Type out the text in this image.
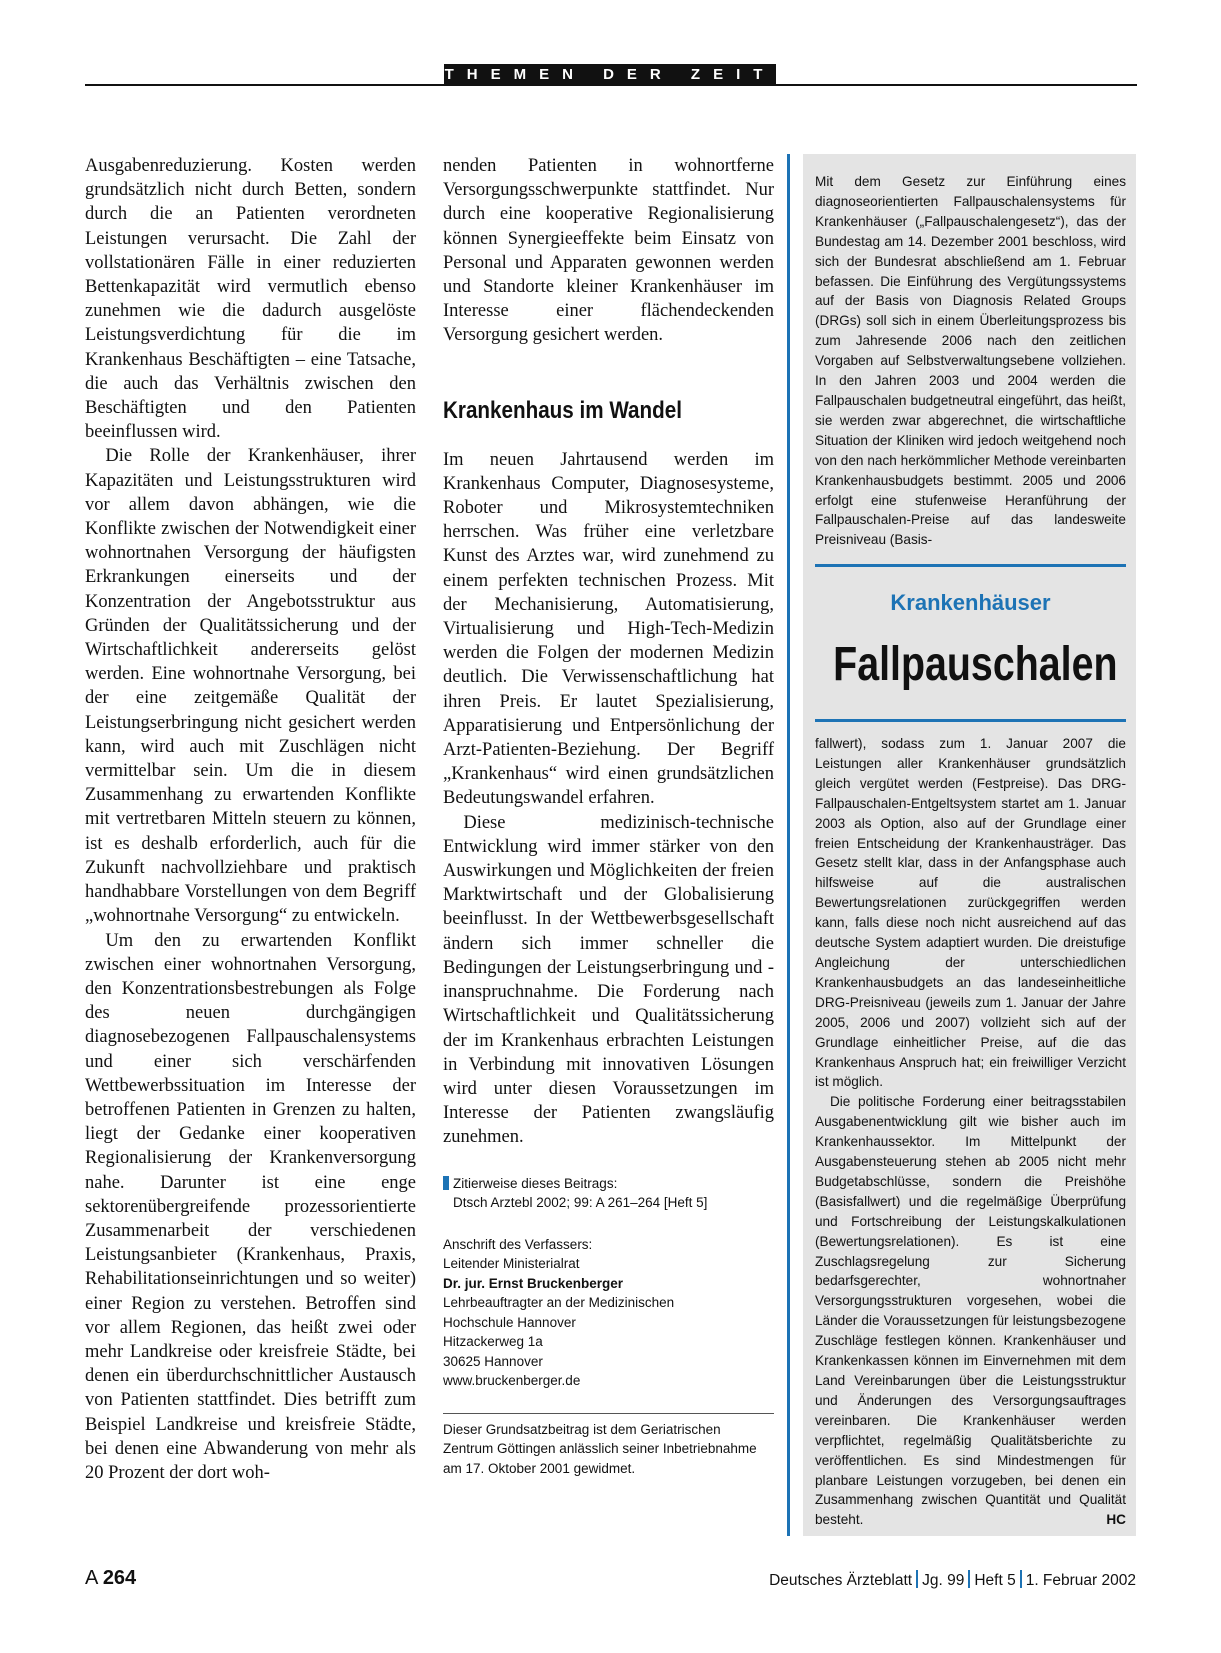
THEMEN DER ZEIT

Ausgabenreduzierung. Kosten werden grundsätzlich nicht durch Betten, sondern durch die an Patienten verordneten Leistungen verursacht. Die Zahl der vollstationären Fälle in einer reduzierten Bettenkapazität wird vermutlich ebenso zunehmen wie die dadurch ausgelöste Leistungsverdichtung für die im Krankenhaus Beschäftigten – eine Tatsache, die auch das Verhältnis zwischen den Beschäftigten und den Patienten beeinflussen wird.

Die Rolle der Krankenhäuser, ihrer Kapazitäten und Leistungsstrukturen wird vor allem davon abhängen, wie die Konflikte zwischen der Notwendigkeit einer wohnortnahen Versorgung der häufigsten Erkrankungen einerseits und der Konzentration der Angebotsstruktur aus Gründen der Qualitätssicherung und der Wirtschaftlichkeit andererseits gelöst werden. Eine wohnortnahe Versorgung, bei der eine zeitgemäße Qualität der Leistungserbringung nicht gesichert werden kann, wird auch mit Zuschlägen nicht vermittelbar sein. Um die in diesem Zusammenhang zu erwartenden Konflikte mit vertretbaren Mitteln steuern zu können, ist es deshalb erforderlich, auch für die Zukunft nachvollziehbare und praktisch handhabbare Vorstellungen von dem Begriff „wohnortnahe Versorgung“ zu entwickeln.

Um den zu erwartenden Konflikt zwischen einer wohnortnahen Versorgung, den Konzentrationsbestrebungen als Folge des neuen durchgängigen diagnosebezogenen Fallpauschalensystems und einer sich verschärfenden Wettbewerbssituation im Interesse der betroffenen Patienten in Grenzen zu halten, liegt der Gedanke einer kooperativen Regionalisierung der Krankenversorgung nahe. Darunter ist eine enge sektorenübergreifende prozessorientierte Zusammenarbeit der verschiedenen Leistungsanbieter (Krankenhaus, Praxis, Rehabilitationseinrichtungen und so weiter) einer Region zu verstehen. Betroffen sind vor allem Regionen, das heißt zwei oder mehr Landkreise oder kreisfreie Städte, bei denen ein überdurchschnittlicher Austausch von Patienten stattfindet. Dies betrifft zum Beispiel Landkreise und kreisfreie Städte, bei denen eine Abwanderung von mehr als 20 Prozent der dort woh-

nenden Patienten in wohnortferne Versorgungsschwerpunkte stattfindet. Nur durch eine kooperative Regionalisierung können Synergieeffekte beim Einsatz von Personal und Apparaten gewonnen werden und Standorte kleiner Krankenhäuser im Interesse einer flächendeckenden Versorgung gesichert werden.

Krankenhaus im Wandel

Im neuen Jahrtausend werden im Krankenhaus Computer, Diagnosesysteme, Roboter und Mikrosystemtechniken herrschen. Was früher eine verletzbare Kunst des Arztes war, wird zunehmend zu einem perfekten technischen Prozess. Mit der Mechanisierung, Automatisierung, Virtualisierung und High-Tech-Medizin werden die Folgen der modernen Medizin deutlich. Die Verwissenschaftlichung hat ihren Preis. Er lautet Spezialisierung, Apparatisierung und Entpersönlichung der Arzt-Patienten-Beziehung. Der Begriff „Krankenhaus“ wird einen grundsätzlichen Bedeutungswandel erfahren.

Diese medizinisch-technische Entwicklung wird immer stärker von den Auswirkungen und Möglichkeiten der freien Marktwirtschaft und der Globalisierung beeinflusst. In der Wettbewerbsgesellschaft ändern sich immer schneller die Bedingungen der Leistungserbringung und -inanspruchnahme. Die Forderung nach Wirtschaftlichkeit und Qualitätssicherung der im Krankenhaus erbrachten Leistungen in Verbindung mit innovativen Lösungen wird unter diesen Voraussetzungen im Interesse der Patienten zwangsläufig zunehmen.

Zitierweise dieses Beitrags:
Dtsch Arztebl 2002; 99: A 261–264 [Heft 5]
Anschrift des Verfassers:
Leitender Ministerialrat
Dr. jur. Ernst Bruckenberger
Lehrbeauftragter an der Medizinischen
Hochschule Hannover
Hitzackerweg 1a
30625 Hannover
www.bruckenberger.de
Dieser Grundsatzbeitrag ist dem Geriatrischen Zentrum Göttingen anlässlich seiner Inbetriebnahme am 17. Oktober 2001 gewidmet.

Mit dem Gesetz zur Einführung eines diagnoseorientierten Fallpauschalensystems für Krankenhäuser („Fallpauschalengesetz“), das der Bundestag am 14. Dezember 2001 beschloss, wird sich der Bundesrat abschließend am 1. Februar befassen. Die Einführung des Vergütungssystems auf der Basis von Diagnosis Related Groups (DRGs) soll sich in einem Überleitungsprozess bis zum Jahresende 2006 nach den zeitlichen Vorgaben auf Selbstverwaltungsebene vollziehen. In den Jahren 2003 und 2004 werden die Fallpauschalen budgetneutral eingeführt, das heißt, sie werden zwar abgerechnet, die wirtschaftliche Situation der Kliniken wird jedoch weitgehend noch von den nach herkömmlicher Methode vereinbarten Krankenhausbudgets bestimmt. 2005 und 2006 erfolgt eine stufenweise Heranführung der Fallpauschalen-Preise auf das landesweite Preisniveau (Basis-

Krankenhäuser
Fallpauschalen

fallwert), sodass zum 1. Januar 2007 die Leistungen aller Krankenhäuser grundsätzlich gleich vergütet werden (Festpreise). Das DRG-Fallpauschalen-Entgeltsystem startet am 1. Januar 2003 als Option, also auf der Grundlage einer freien Entscheidung der Krankenhausträger. Das Gesetz stellt klar, dass in der Anfangsphase auch hilfsweise auf die australischen Bewertungsrelationen zurückgegriffen werden kann, falls diese noch nicht ausreichend auf das deutsche System adaptiert wurden. Die dreistufige Angleichung der unterschiedlichen Krankenhausbudgets an das landeseinheitliche DRG-Preisniveau (jeweils zum 1. Januar der Jahre 2005, 2006 und 2007) vollzieht sich auf der Grundlage einheitlicher Preise, auf die das Krankenhaus Anspruch hat; ein freiwilliger Verzicht ist möglich.

Die politische Forderung einer beitragsstabilen Ausgabenentwicklung gilt wie bisher auch im Krankenhaussektor. Im Mittelpunkt der Ausgabensteuerung stehen ab 2005 nicht mehr Budgetabschlüsse, sondern die Preishöhe (Basisfallwert) und die regelmäßige Überprüfung und Fortschreibung der Leistungskalkulationen (Bewertungsrelationen). Es ist eine Zuschlagsregelung zur Sicherung bedarfsgerechter, wohnortnaher Versorgungsstrukturen vorgesehen, wobei die Länder die Voraussetzungen für leistungsbezogene Zuschläge festlegen können. Krankenhäuser und Krankenkassen können im Einvernehmen mit dem Land Vereinbarungen über die Leistungsstruktur und Änderungen des Versorgungsauftrages vereinbaren. Die Krankenhäuser werden verpflichtet, regelmäßig Qualitätsberichte zu veröffentlichen. Es sind Mindestmengen für planbare Leistungen vorzugeben, bei denen ein Zusammenhang zwischen Quantität und Qualität besteht.	HC

A 264	Deutsches Ärzteblatt Jg. 99 Heft 5 1. Februar 2002
